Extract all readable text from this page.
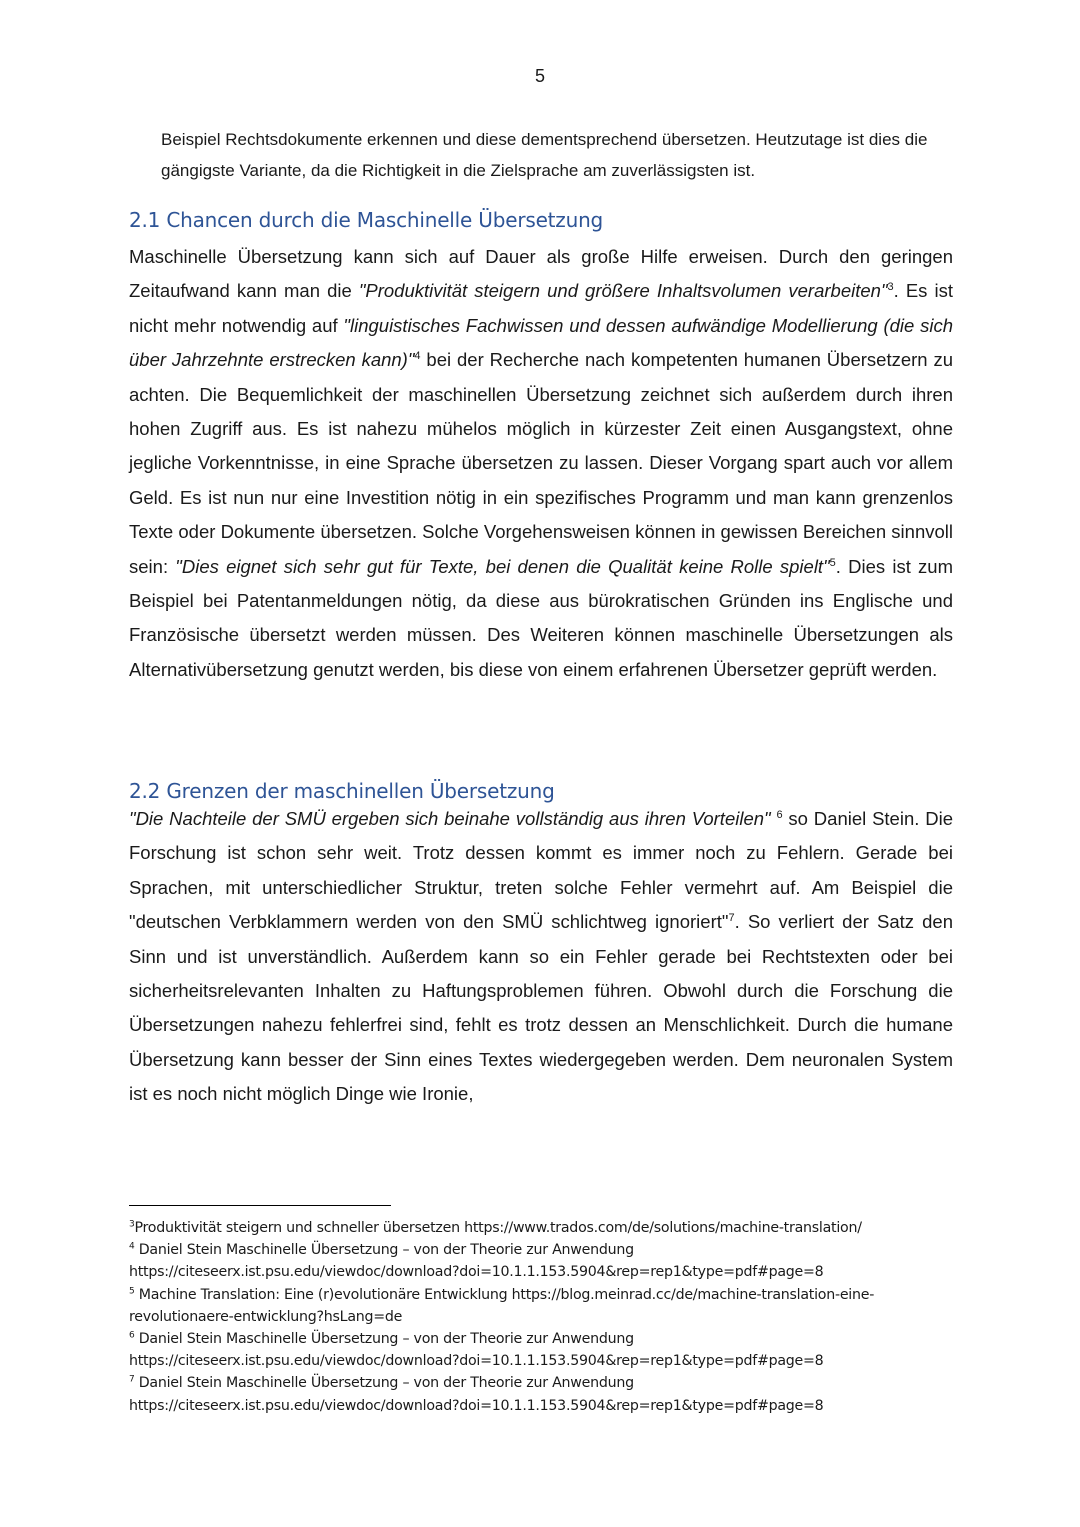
5

Beispiel Rechtsdokumente erkennen und diese dementsprechend übersetzen. Heutzutage ist dies die gängigste Variante, da die Richtigkeit in die Zielsprache am zuverlässigsten ist.

2.1 Chancen durch die Maschinelle Übersetzung

Maschinelle Übersetzung kann sich auf Dauer als große Hilfe erweisen. Durch den geringen Zeitaufwand kann man die "Produktivität steigern und größere Inhaltsvolumen verarbeiten"$^3$. Es ist nicht mehr notwendig auf "linguistisches Fachwissen und dessen aufwändige Modellierung (die sich über Jahrzehnte erstrecken kann)"$^4$ bei der Recherche nach kompetenten humanen Übersetzern zu achten. Die Bequemlichkeit der maschinellen Übersetzung zeichnet sich außerdem durch ihren hohen Zugriff aus. Es ist nahezu mühelos möglich in kürzester Zeit einen Ausgangstext, ohne jegliche Vorkenntnisse, in eine Sprache übersetzen zu lassen. Dieser Vorgang spart auch vor allem Geld. Es ist nun nur eine Investition nötig in ein spezifisches Programm und man kann grenzenlos Texte oder Dokumente übersetzen. Solche Vorgehensweisen können in gewissen Bereichen sinnvoll sein: "Dies eignet sich sehr gut für Texte, bei denen die Qualität keine Rolle spielt"$^5$. Dies ist zum Beispiel bei Patentanmeldungen nötig, da diese aus bürokratischen Gründen ins Englische und Französische übersetzt werden müssen. Des Weiteren können maschinelle Übersetzungen als Alternativübersetzung genutzt werden, bis diese von einem erfahrenen Übersetzer geprüft werden.

2.2 Grenzen der maschinellen Übersetzung

"Die Nachteile der SMÜ ergeben sich beinahe vollständig aus ihren Vorteilen" $^6$ so Daniel Stein. Die Forschung ist schon sehr weit. Trotz dessen kommt es immer noch zu Fehlern. Gerade bei Sprachen, mit unterschiedlicher Struktur, treten solche Fehler vermehrt auf. Am Beispiel die "deutschen Verbklammern werden von den SMÜ schlichtweg ignoriert"$^7$. So verliert der Satz den Sinn und ist unverständlich. Außerdem kann so ein Fehler gerade bei Rechtstexten oder bei sicherheitsrelevanten Inhalten zu Haftungsproblemen führen. Obwohl durch die Forschung die Übersetzungen nahezu fehlerfrei sind, fehlt es trotz dessen an Menschlichkeit. Durch die humane Übersetzung kann besser der Sinn eines Textes wiedergegeben werden. Dem neuronalen System ist es noch nicht möglich Dinge wie Ironie,

$^3$Produktivität steigern und schneller übersetzen https://www.trados.com/de/solutions/machine-translation/
$^4$ Daniel Stein Maschinelle Übersetzung – von der Theorie zur Anwendung https://citeseerx.ist.psu.edu/viewdoc/download?doi=10.1.1.153.5904&rep=rep1&type=pdf#page=8
$^5$ Machine Translation: Eine (r)evolutionäre Entwicklung https://blog.meinrad.cc/de/machine-translation-eine-revolutionaere-entwicklung?hsLang=de
$^6$ Daniel Stein Maschinelle Übersetzung – von der Theorie zur Anwendung https://citeseerx.ist.psu.edu/viewdoc/download?doi=10.1.1.153.5904&rep=rep1&type=pdf#page=8
$^7$ Daniel Stein Maschinelle Übersetzung – von der Theorie zur Anwendung https://citeseerx.ist.psu.edu/viewdoc/download?doi=10.1.1.153.5904&rep=rep1&type=pdf#page=8
